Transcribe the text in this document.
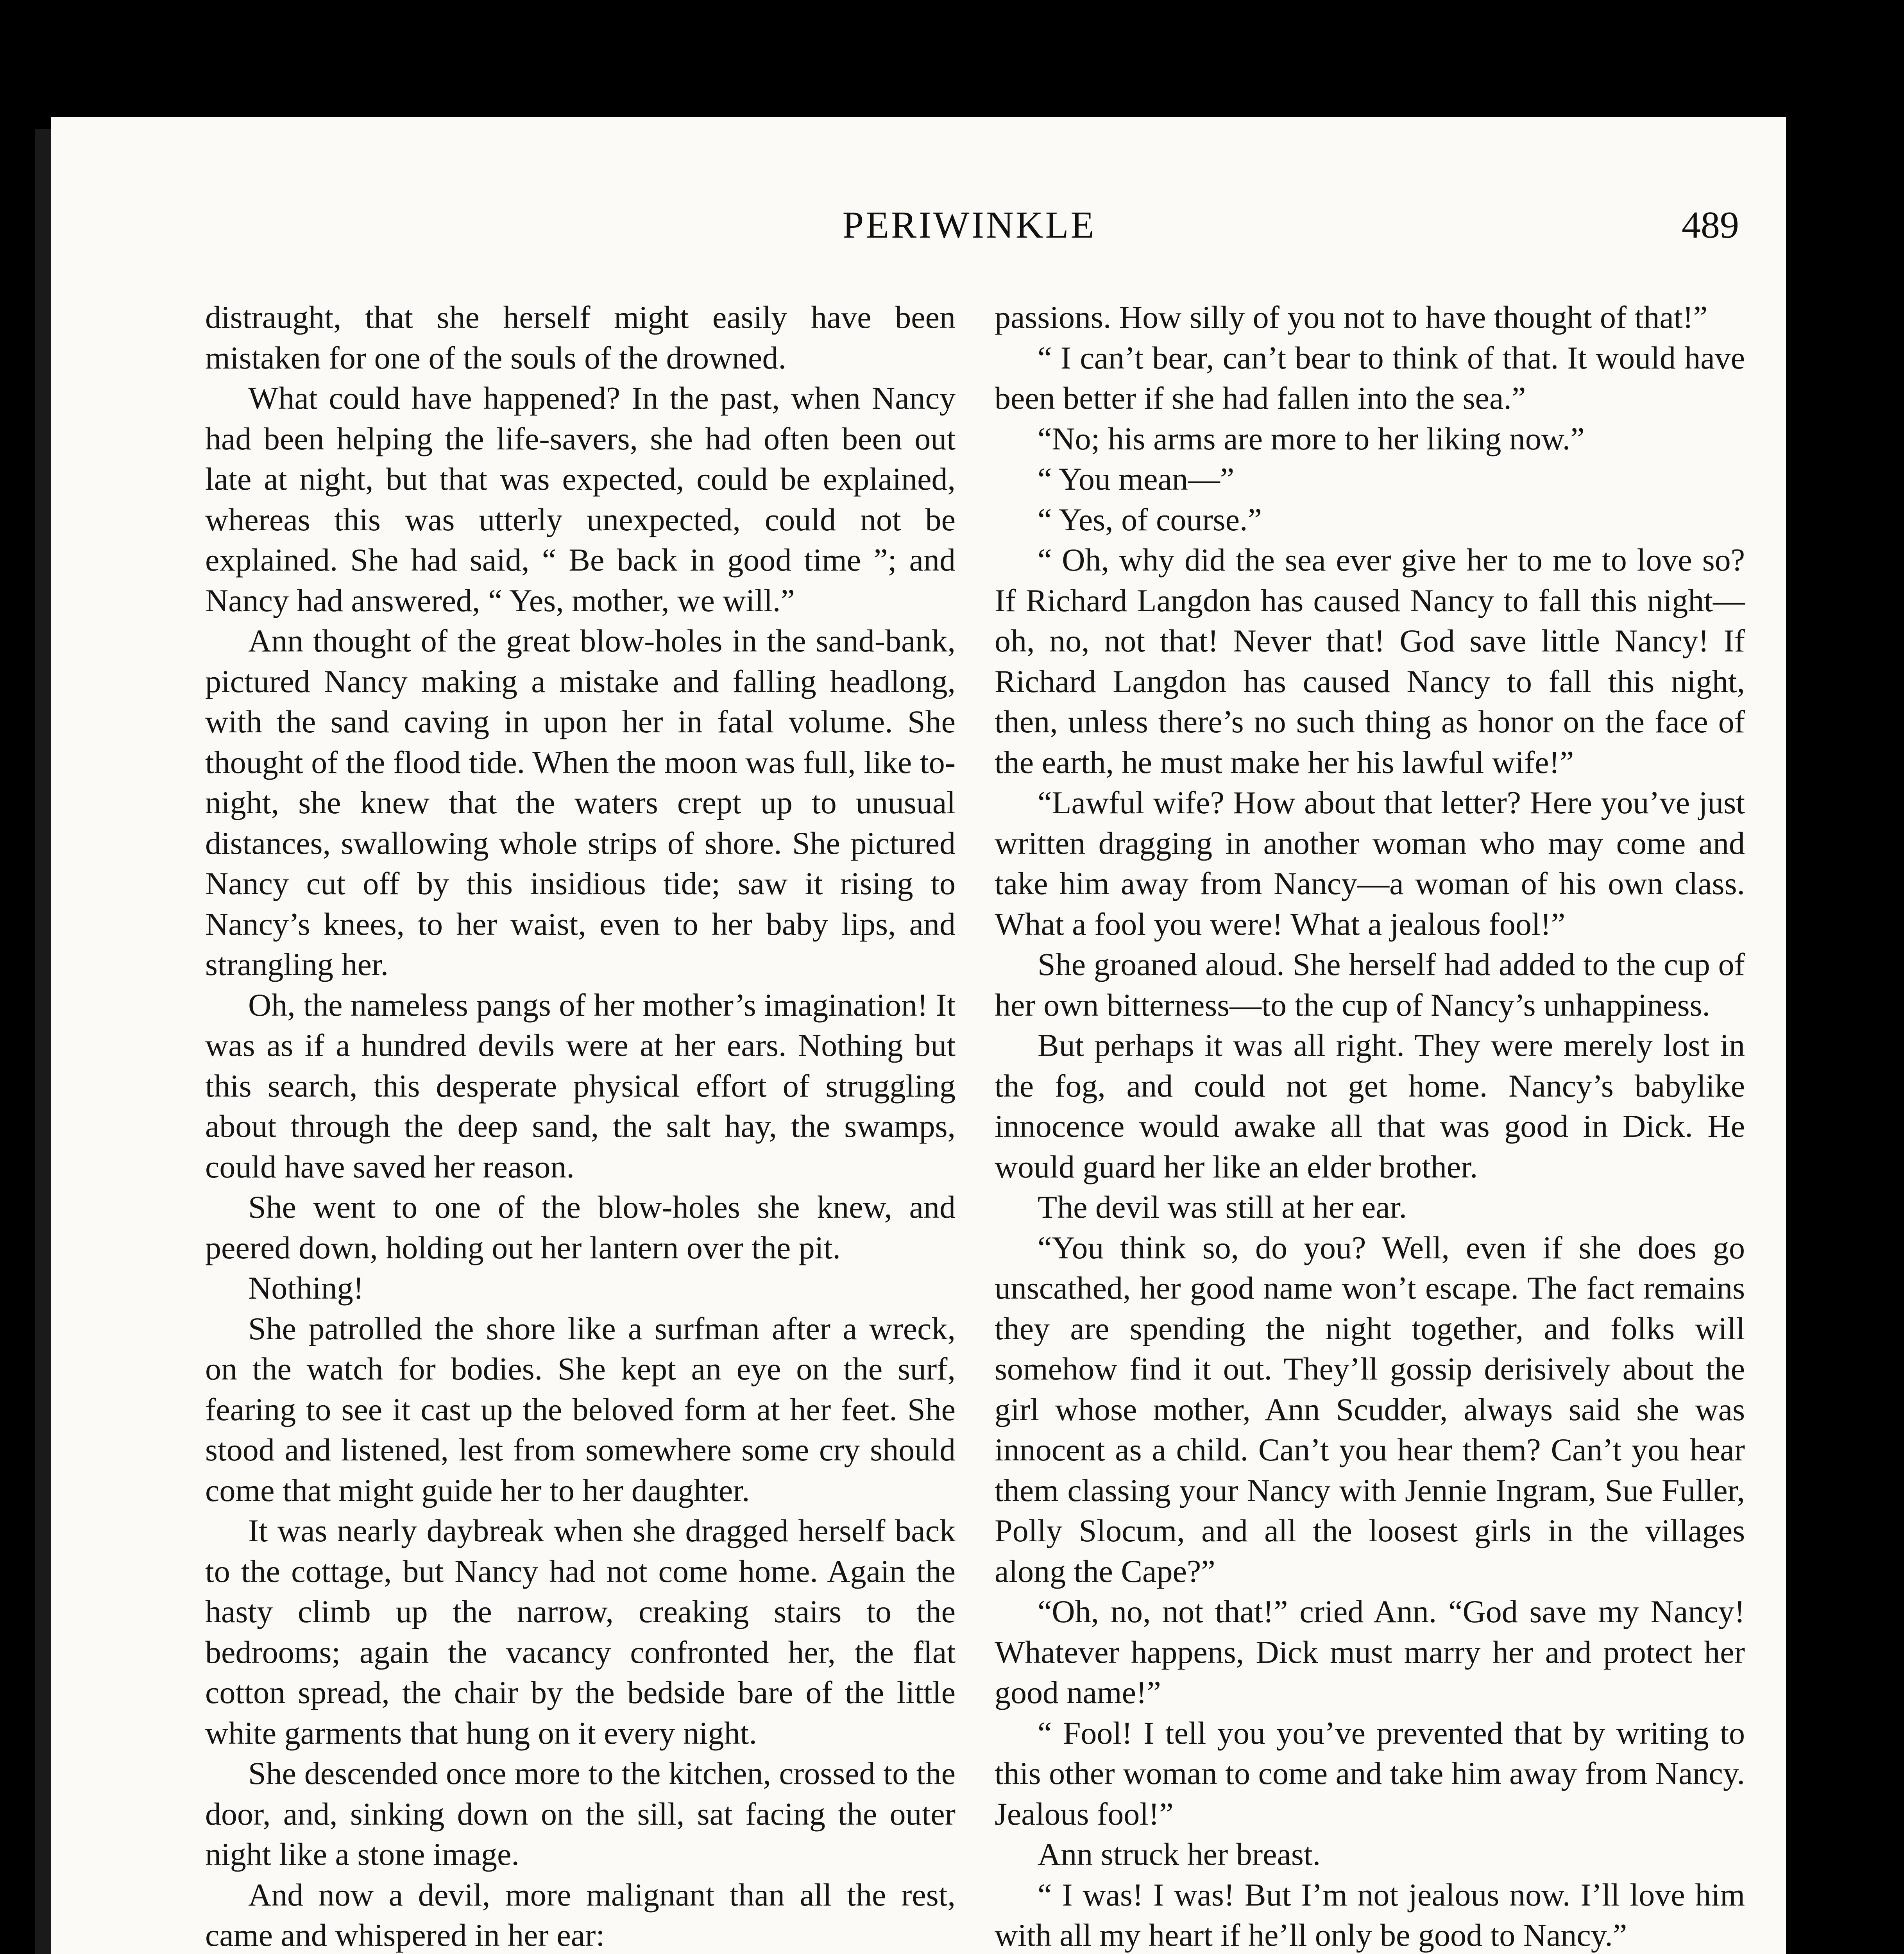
PERIWINKLE	489

distraught, that she herself might easily have been mistaken for one of the souls of the drowned.

What could have happened? In the past, when Nancy had been helping the life-savers, she had often been out late at night, but that was expected, could be explained, whereas this was utterly unexpected, could not be explained. She had said, “ Be back in good time ”; and Nancy had answered, “ Yes, mother, we will.”

Ann thought of the great blow-holes in the sand-bank, pictured Nancy making a mistake and falling headlong, with the sand caving in upon her in fatal volume. She thought of the flood tide. When the moon was full, like to-night, she knew that the waters crept up to unusual distances, swallowing whole strips of shore. She pictured Nancy cut off by this insidious tide; saw it rising to Nancy’s knees, to her waist, even to her baby lips, and strangling her.

Oh, the nameless pangs of her mother’s imagination! It was as if a hundred devils were at her ears. Nothing but this search, this desperate physical effort of struggling about through the deep sand, the salt hay, the swamps, could have saved her reason.

She went to one of the blow-holes she knew, and peered down, holding out her lantern over the pit.

Nothing!

She patrolled the shore like a surfman after a wreck, on the watch for bodies. She kept an eye on the surf, fearing to see it cast up the beloved form at her feet. She stood and listened, lest from somewhere some cry should come that might guide her to her daughter.

It was nearly daybreak when she dragged herself back to the cottage, but Nancy had not come home. Again the hasty climb up the narrow, creaking stairs to the bedrooms; again the vacancy confronted her, the flat cotton spread, the chair by the bedside bare of the little white garments that hung on it every night.

She descended once more to the kitchen, crossed to the door, and, sinking down on the sill, sat facing the outer night like a stone image.

And now a devil, more malignant than all the rest, came and whispered in her ear:

passions. How silly of you not to have thought of that!”

“ I can’t bear, can’t bear to think of that. It would have been better if she had fallen into the sea.”

“No; his arms are more to her liking now.”

“ You mean—”

“ Yes, of course.”

“ Oh, why did the sea ever give her to me to love so? If Richard Langdon has caused Nancy to fall this night—oh, no, not that! Never that! God save little Nancy! If Richard Langdon has caused Nancy to fall this night, then, unless there’s no such thing as honor on the face of the earth, he must make her his lawful wife!”

“Lawful wife? How about that letter? Here you’ve just written dragging in another woman who may come and take him away from Nancy—a woman of his own class. What a fool you were! What a jealous fool!”

She groaned aloud. She herself had added to the cup of her own bitterness—to the cup of Nancy’s unhappiness.

But perhaps it was all right. They were merely lost in the fog, and could not get home. Nancy’s babylike innocence would awake all that was good in Dick. He would guard her like an elder brother.

The devil was still at her ear.

“You think so, do you? Well, even if she does go unscathed, her good name won’t escape. The fact remains they are spending the night together, and folks will somehow find it out. They’ll gossip derisively about the girl whose mother, Ann Scudder, always said she was innocent as a child. Can’t you hear them? Can’t you hear them classing your Nancy with Jennie Ingram, Sue Fuller, Polly Slocum, and all the loosest girls in the villages along the Cape?”

“Oh, no, not that!” cried Ann. “God save my Nancy! Whatever happens, Dick must marry her and protect her good name!”

“ Fool! I tell you you’ve prevented that by writing to this other woman to come and take him away from Nancy. Jealous fool!”

Ann struck her breast.

“ I was! I was! But I’m not jealous now. I’ll love him with all my heart if he’ll only be good to Nancy.”
